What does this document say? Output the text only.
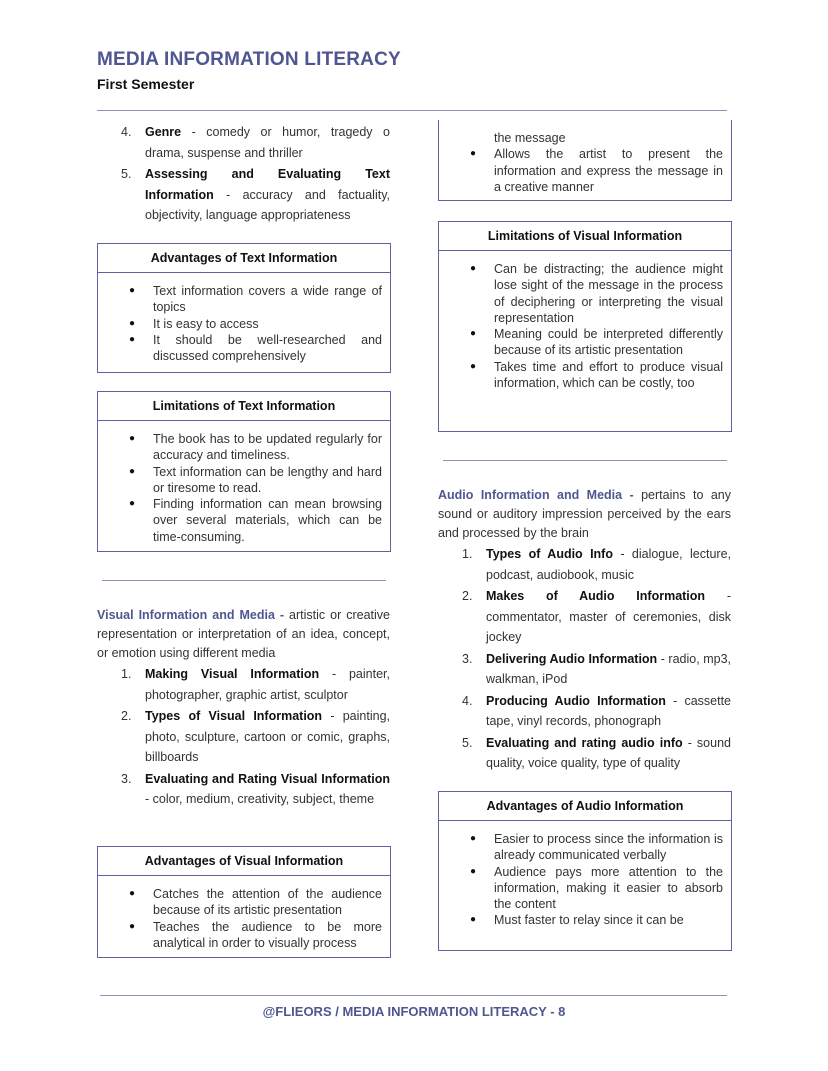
MEDIA INFORMATION LITERACY
First Semester
4. Genre - comedy or humor, tragedy o drama, suspense and thriller
5. Assessing and Evaluating Text Information - accuracy and factuality, objectivity, language appropriateness
Advantages of Text Information
● Text information covers a wide range of topics
● It is easy to access
● It should be well-researched and discussed comprehensively
Limitations of Text Information
● The book has to be updated regularly for accuracy and timeliness.
● Text information can be lengthy and hard or tiresome to read.
● Finding information can mean browsing over several materials, which can be time-consuming.
Visual Information and Media - artistic or creative representation or interpretation of an idea, concept, or emotion using different media
1. Making Visual Information - painter, photographer, graphic artist, sculptor
2. Types of Visual Information - painting, photo, sculpture, cartoon or comic, graphs, billboards
3. Evaluating and Rating Visual Information - color, medium, creativity, subject, theme
Advantages of Visual Information
● Catches the attention of the audience because of its artistic presentation
● Teaches the audience to be more analytical in order to visually process
the message
● Allows the artist to present the information and express the message in a creative manner
Limitations of Visual Information
● Can be distracting; the audience might lose sight of the message in the process of deciphering or interpreting the visual representation
● Meaning could be interpreted differently because of its artistic presentation
● Takes time and effort to produce visual information, which can be costly, too
Audio Information and Media - pertains to any sound or auditory impression perceived by the ears and processed by the brain
1. Types of Audio Info - dialogue, lecture, podcast, audiobook, music
2. Makes of Audio Information - commentator, master of ceremonies, disk jockey
3. Delivering Audio Information - radio, mp3, walkman, iPod
4. Producing Audio Information - cassette tape, vinyl records, phonograph
5. Evaluating and rating audio info - sound quality, voice quality, type of quality
Advantages of Audio Information
● Easier to process since the information is already communicated verbally
● Audience pays more attention to the information, making it easier to absorb the content
● Must faster to relay since it can be
@FLIEORS / MEDIA INFORMATION LITERACY - 8
